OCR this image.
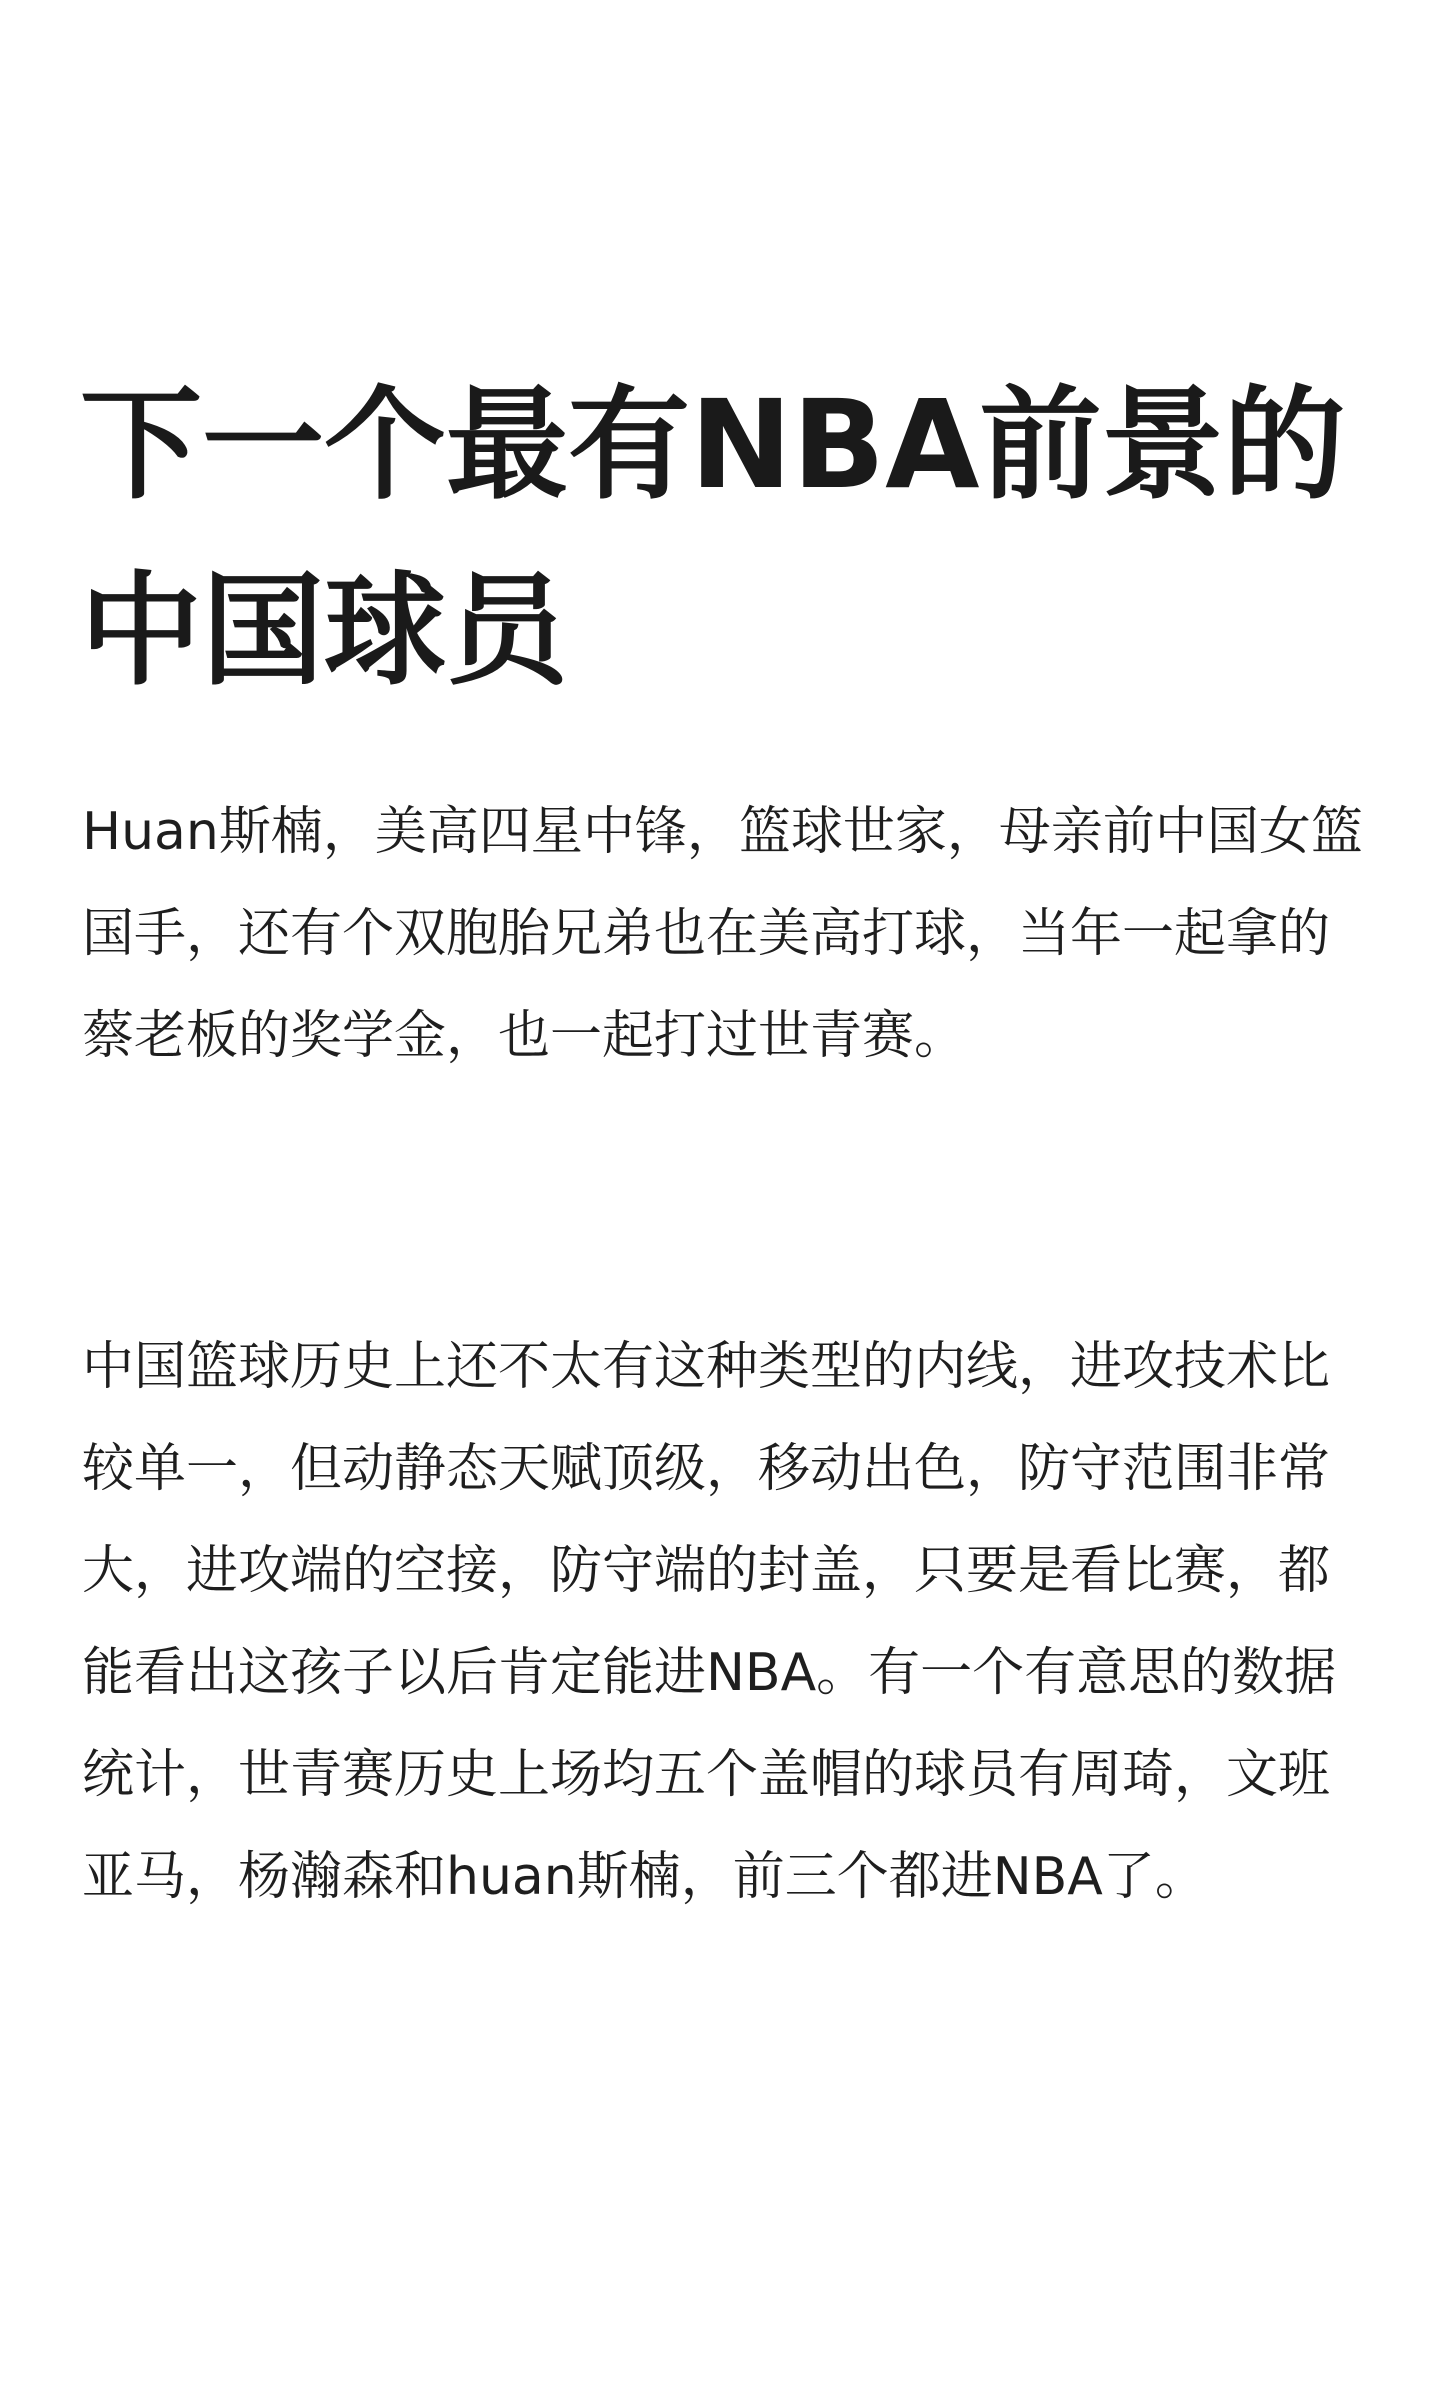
下一个最有NBA前景的中国球员

Huan斯楠，美高四星中锋，篮球世家，母亲前中国女篮国手，还有个双胞胎兄弟也在美高打球，当年一起拿的蔡老板的奖学金，也一起打过世青赛。

中国篮球历史上还不太有这种类型的内线，进攻技术比较单一，但动静态天赋顶级，移动出色，防守范围非常大，进攻端的空接，防守端的封盖，只要是看比赛，都能看出这孩子以后肯定能进NBA。有一个有意思的数据统计，世青赛历史上场均五个盖帽的球员有周琦，文班亚马，杨瀚森和huan斯楠，前三个都进NBA了。
